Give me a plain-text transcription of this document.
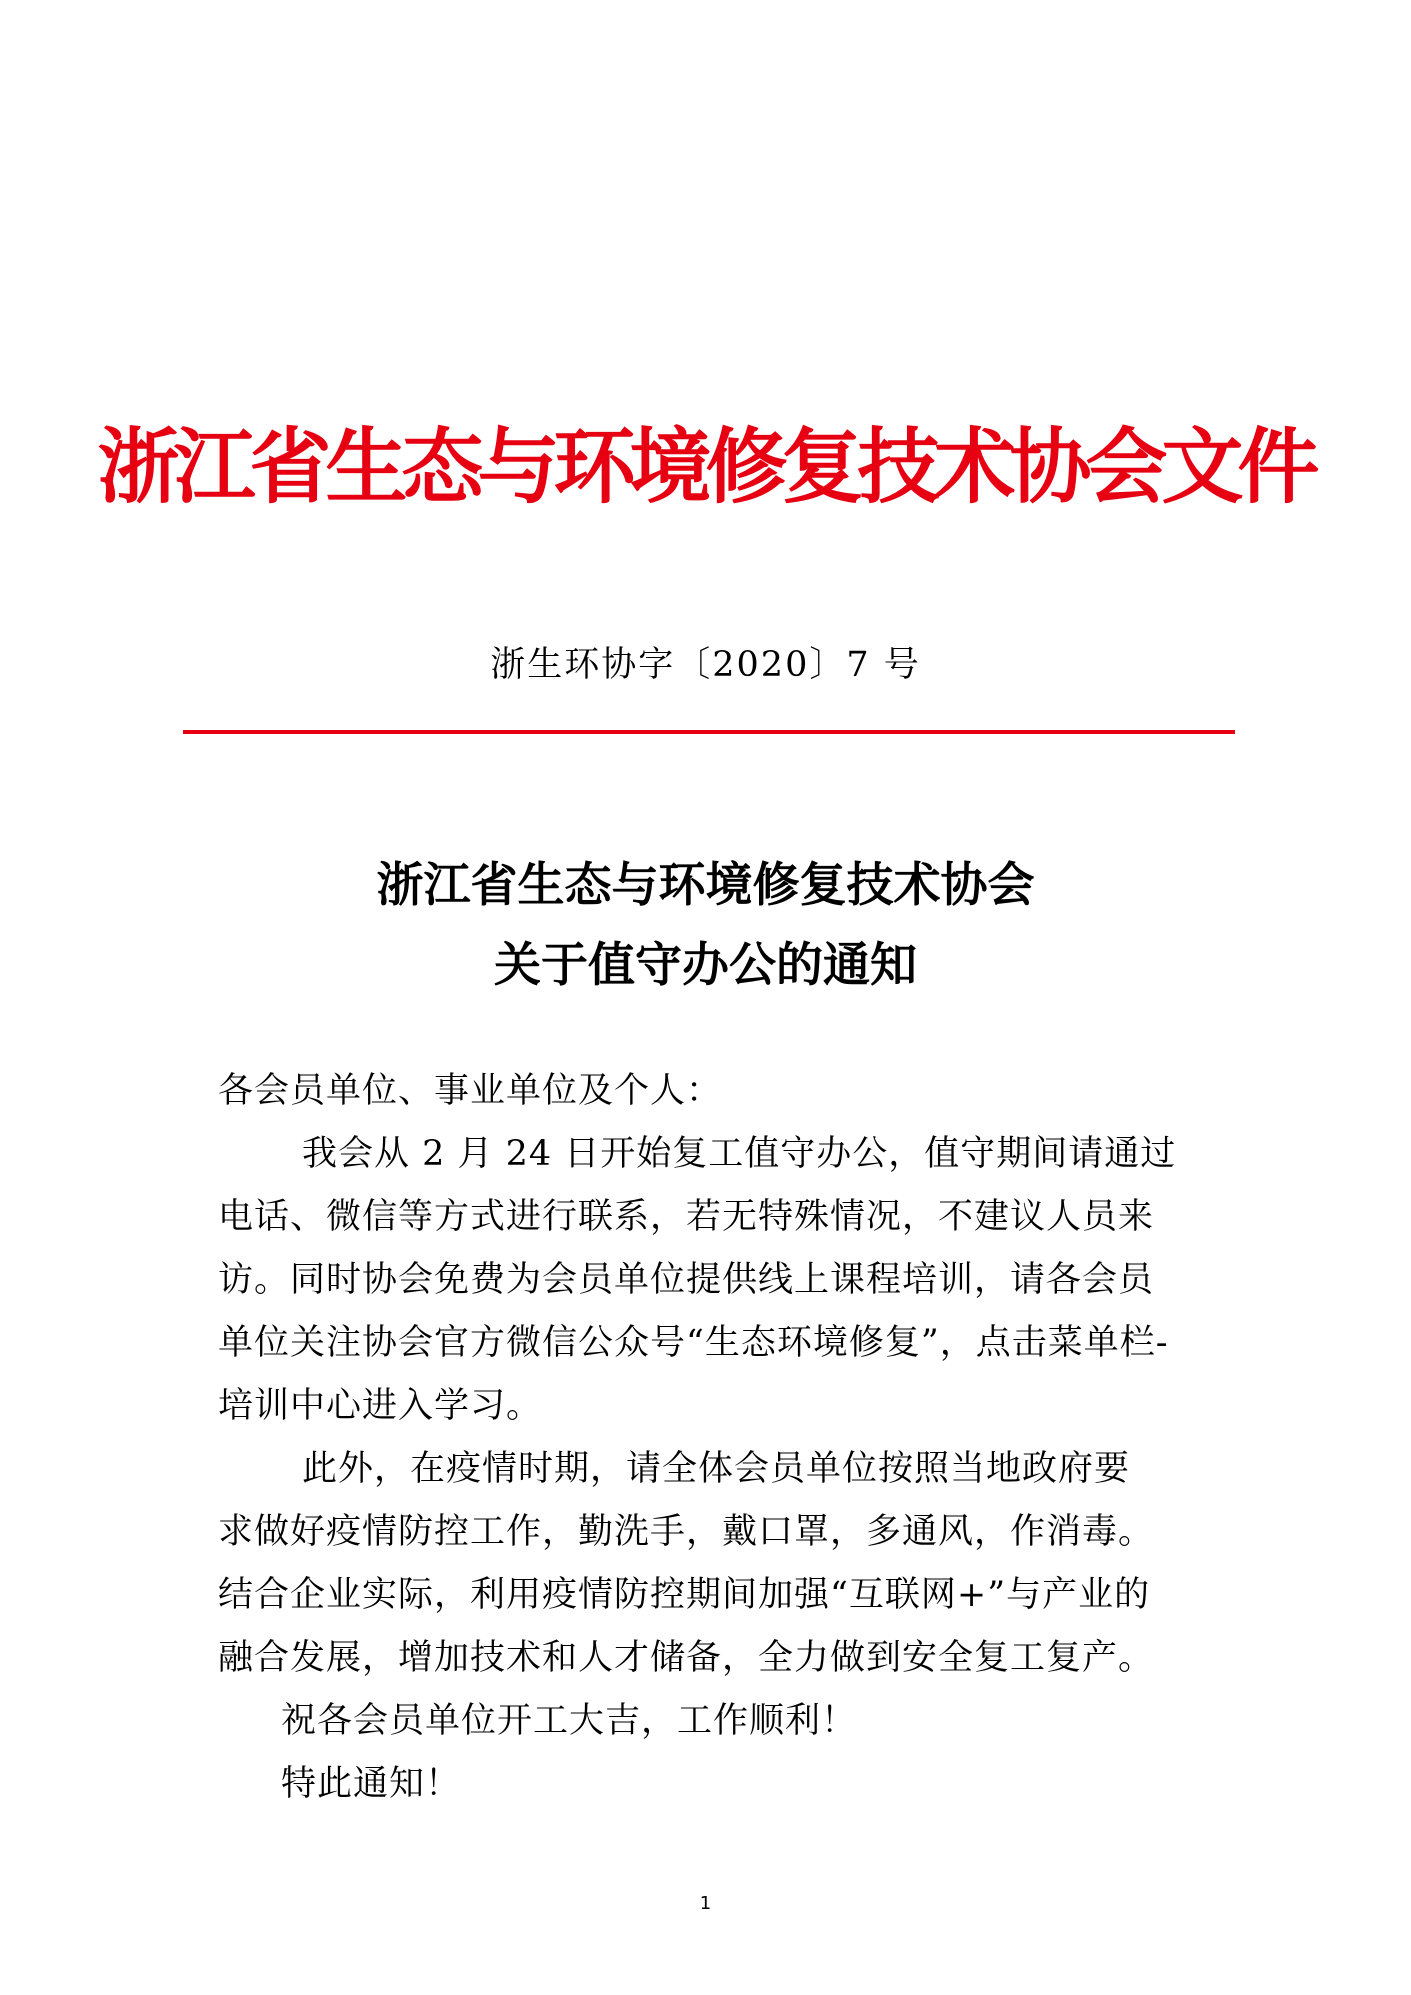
浙江省生态与环境修复技术协会文件
浙生环协字〔2020〕7 号
浙江省生态与环境修复技术协会
关于值守办公的通知

各会员单位、事业单位及个人：

我会从 2 月 24 日开始复工值守办公，值守期间请通过
电话、微信等方式进行联系，若无特殊情况，不建议人员来
访。同时协会免费为会员单位提供线上课程培训，请各会员
单位关注协会官方微信公众号“生态环境修复”，点击菜单栏-
培训中心进入学习。

此外，在疫情时期，请全体会员单位按照当地政府要
求做好疫情防控工作，勤洗手，戴口罩，多通风，作消毒。
结合企业实际，利用疫情防控期间加强“互联网+”与产业的
融合发展，增加技术和人才储备，全力做到安全复工复产。

祝各会员单位开工大吉，工作顺利！

特此通知！

1
